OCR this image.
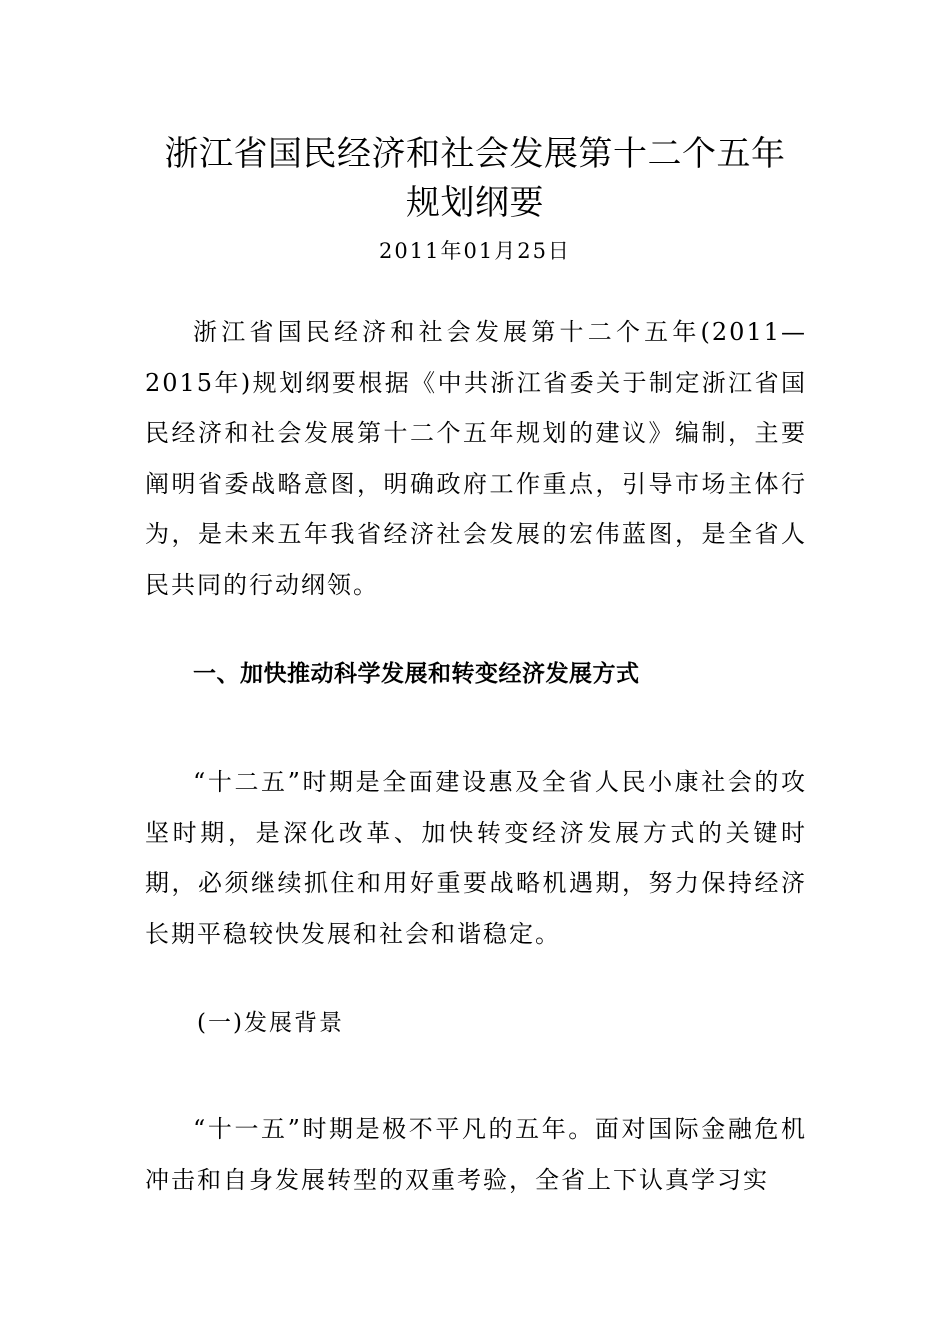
浙江省国民经济和社会发展第十二个五年
规划纲要
2011年01月25日

浙江省国民经济和社会发展第十二个五年(2011—2015年)规划纲要根据《中共浙江省委关于制定浙江省国民经济和社会发展第十二个五年规划的建议》编制，主要阐明省委战略意图，明确政府工作重点，引导市场主体行为，是未来五年我省经济社会发展的宏伟蓝图，是全省人民共同的行动纲领。

一、加快推动科学发展和转变经济发展方式

“十二五”时期是全面建设惠及全省人民小康社会的攻坚时期，是深化改革、加快转变经济发展方式的关键时期，必须继续抓住和用好重要战略机遇期，努力保持经济长期平稳较快发展和社会和谐稳定。

(一)发展背景

“十一五”时期是极不平凡的五年。面对国际金融危机冲击和自身发展转型的双重考验，全省上下认真学习实
